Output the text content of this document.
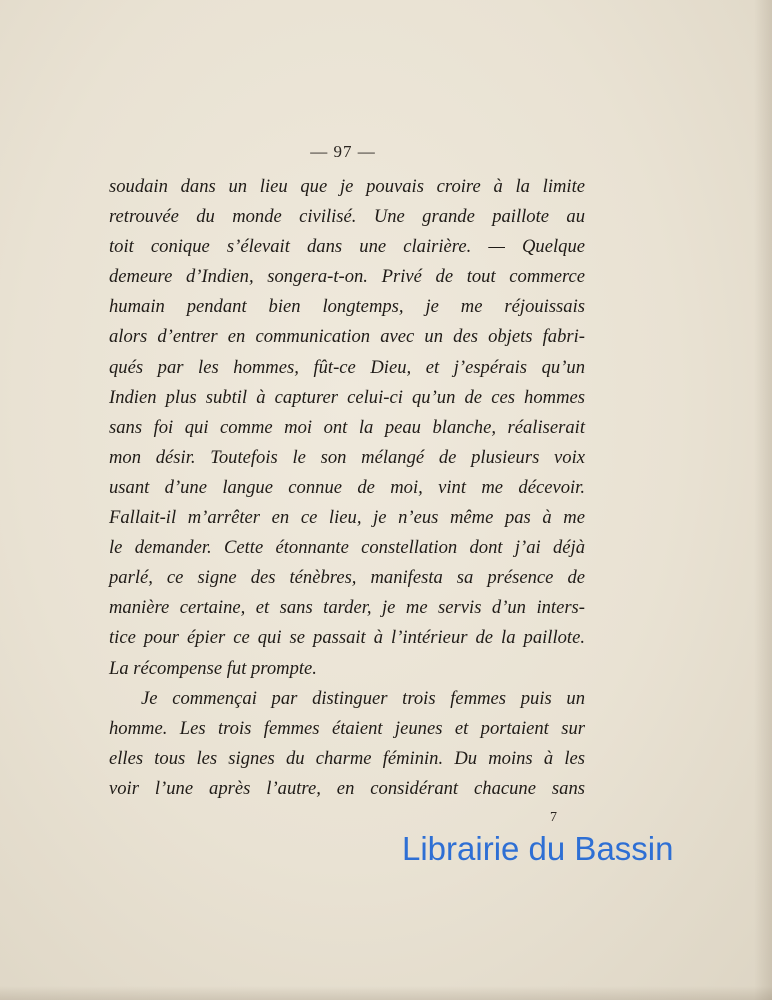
— 97 —
soudain dans un lieu que je pouvais croire à la limite
retrouvée du monde civilisé. Une grande paillote au
toit conique s’élevait dans une clairière. — Quelque
demeure d’Indien, songera-t-on. Privé de tout commerce
humain pendant bien longtemps, je me réjouissais
alors d’entrer en communication avec un des objets fabri-
qués par les hommes, fût-ce Dieu, et j’espérais qu’un
Indien plus subtil à capturer celui-ci qu’un de ces hommes
sans foi qui comme moi ont la peau blanche, réaliserait
mon désir. Toutefois le son mélangé de plusieurs voix
usant d’une langue connue de moi, vint me décevoir.
Fallait-il m’arrêter en ce lieu, je n’eus même pas à me
le demander. Cette étonnante constellation dont j’ai déjà
parlé, ce signe des ténèbres, manifesta sa présence de
manière certaine, et sans tarder, je me servis d’un inters-
tice pour épier ce qui se passait à l’intérieur de la paillote.
La récompense fut prompte.
Je commençai par distinguer trois femmes puis un
homme. Les trois femmes étaient jeunes et portaient sur
elles tous les signes du charme féminin. Du moins à les
voir l’une après l’autre, en considérant chacune sans
7
Librairie du Bassin
